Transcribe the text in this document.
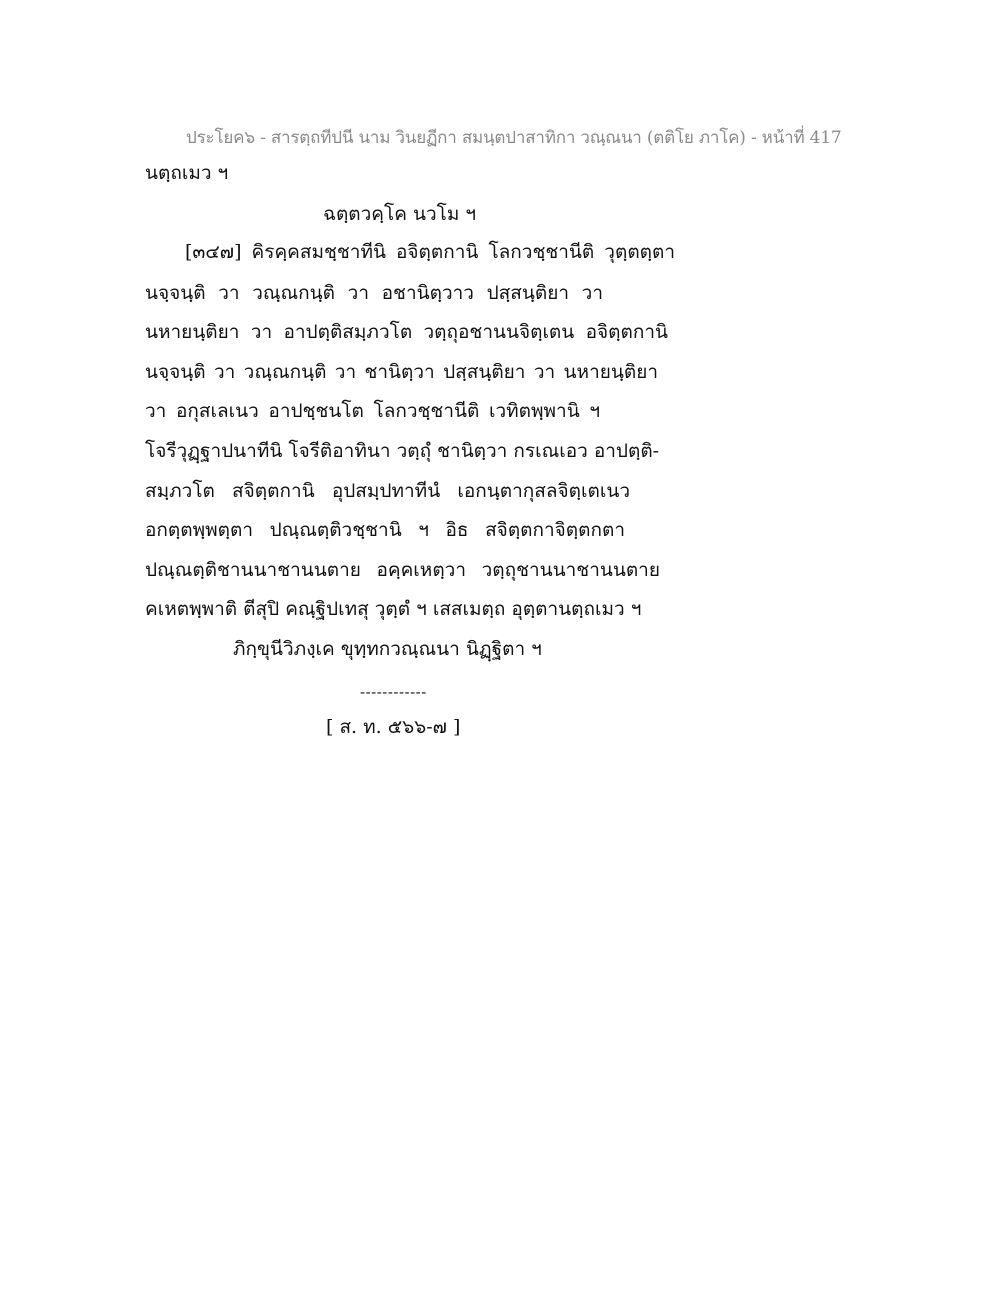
ประโยค๖ - สารตฺถทีปนี นาม วินยฏีกา สมนฺตปาสาทิกา วณฺณนา (ตติโย ภาโค) - หน้าที่ 417
นตฺถเมว ฯ
ฉตฺตวคฺโค นวโม ฯ
[๓๔๗] คิรคฺคสมชฺชาทีนิ อจิตฺตกานิ โลกวชฺชานีติ วุตฺตตฺตา
นจฺจนฺติ วา วณฺณกนฺติ วา อชานิตฺวาว ปสฺสนฺติยา วา
นหายนฺติยา วา อาปตฺติสมฺภวโต วตฺถุอชานนจิตฺเตน อจิตฺตกานิ
นจฺจนฺติ วา วณฺณกนฺติ วา ชานิตฺวา ปสฺสนฺติยา วา นหายนฺติยา
วา อกุสเลเนว อาปชฺชนโต โลกวชฺชานีติ เวทิตพฺพานิ ฯ
โจรีวุฏฺฐาปนาทีนิ โจรีติอาทินา วตฺถุํ ชานิตฺวา กรเณเอว อาปตฺติ-
สมฺภวโต สจิตฺตกานิ อุปสมฺปทาทีนํ เอกนฺตากุสลจิตฺเตเนว
อกตฺตพฺพตฺตา ปณฺณตฺติวชฺชานิ ฯ อิธ สจิตฺตกาจิตฺตกตา
ปณฺณตฺติชานนาชานนตาย อคฺคเหตฺวา วตฺถุชานนาชานนตาย
คเหตพฺพาติ ตีสุปิ คณฺฐิปเทสุ วุตฺตํ ฯ เสสเมตฺถ อุตฺตานตฺถเมว ฯ
ภิกฺขุนีวิภงฺเค ขุทฺทกวณฺณนา นิฏฺฐิตา ฯ
------------
[ ส. ท. ๕๖๖-๗ ]
